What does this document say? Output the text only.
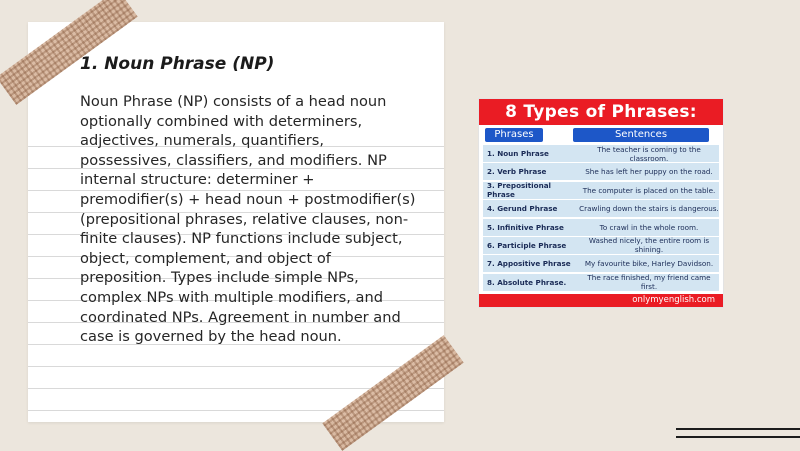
1. Noun Phrase (NP)
Noun Phrase (NP) consists of a head noun optionally combined with determiners, adjectives, numerals, quantifiers, possessives, classifiers, and modifiers. NP internal structure: determiner + premodifier(s) + head noun + postmodifier(s) (prepositional phrases, relative clauses, non-finite clauses). NP functions include subject, object, complement, and object of preposition. Types include simple NPs, complex NPs with multiple modifiers, and coordinated NPs. Agreement in number and case is governed by the head noun.
8 Types of Phrases:
Phrases	Sentences
1. Noun Phrase	The teacher is coming to the classroom.
2. Verb Phrase	She has left her puppy on the road.
3. Prepositional Phrase	The computer is placed on the table.
4. Gerund Phrase	Crawling down the stairs is dangerous.
5. Infinitive Phrase	To crawl in the whole room.
6. Participle Phrase	Washed nicely, the entire room is shining.
7. Appositive Phrase	My favourite bike, Harley Davidson.
8. Absolute Phrase.	The race finished, my friend came first.
onlymyenglish.com
